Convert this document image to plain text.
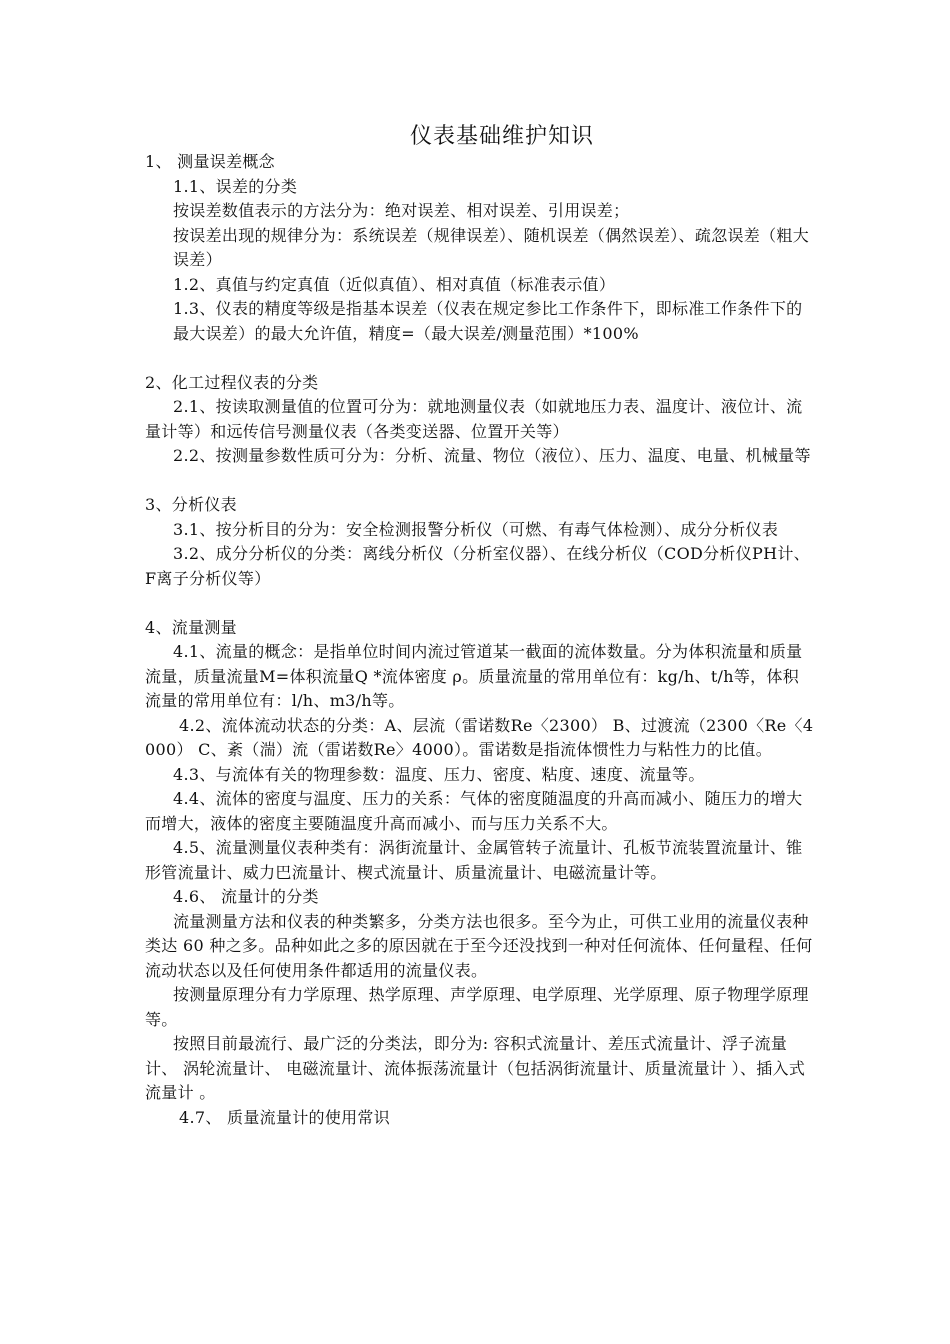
仪表基础维护知识

1、 测量误差概念

1.1、误差的分类

按误差数值表示的方法分为：绝对误差、相对误差、引用误差；

按误差出现的规律分为：系统误差（规律误差）、随机误差（偶然误差）、疏忽误差（粗大误差）

1.2、真值与约定真值（近似真值）、相对真值（标准表示值）

1.3、仪表的精度等级是指基本误差（仪表在规定参比工作条件下，即标准工作条件下的最大误差）的最大允许值，精度=（最大误差/测量范围）*100%

2、化工过程仪表的分类

2.1、按读取测量值的位置可分为：就地测量仪表（如就地压力表、温度计、液位计、流量计等）和远传信号测量仪表（各类变送器、位置开关等）

2.2、按测量参数性质可分为：分析、流量、物位（液位）、压力、温度、电量、机械量等

3、分析仪表

3.1、按分析目的分为：安全检测报警分析仪（可燃、有毒气体检测）、成分分析仪表

3.2、成分分析仪的分类：离线分析仪（分析室仪器）、在线分析仪（COD分析仪PH计、F离子分析仪等）

4、流量测量

4.1、流量的概念：是指单位时间内流过管道某一截面的流体数量。分为体积流量和质量流量，质量流量M=体积流量Q *流体密度 ρ。质量流量的常用单位有：kg/h、t/h等，体积流量的常用单位有：l/h、m3/h等。

4.2、流体流动状态的分类：A、层流（雷诺数Re〈2300） B、过渡流（2300〈Re〈4000） C、紊（湍）流（雷诺数Re〉4000）。雷诺数是指流体惯性力与粘性力的比值。

4.3、与流体有关的物理参数：温度、压力、密度、粘度、速度、流量等。

4.4、流体的密度与温度、压力的关系：气体的密度随温度的升高而减小、随压力的增大而增大，液体的密度主要随温度升高而减小、而与压力关系不大。

4.5、流量测量仪表种类有：涡街流量计、金属管转子流量计、孔板节流装置流量计、锥形管流量计、威力巴流量计、楔式流量计、质量流量计、电磁流量计等。

4.6、 流量计的分类

流量测量方法和仪表的种类繁多，分类方法也很多。至今为止，可供工业用的流量仪表种类达 60 种之多。品种如此之多的原因就在于至今还没找到一种对任何流体、任何量程、任何流动状态以及任何使用条件都适用的流量仪表。

按测量原理分有力学原理、热学原理、声学原理、电学原理、光学原理、原子物理学原理等。

按照目前最流行、最广泛的分类法，即分为: 容积式流量计、差压式流量计、浮子流量计、 涡轮流量计、 电磁流量计、流体振荡流量计（包括涡街流量计、质量流量计 ）、插入式流量计 。

4.7、 质量流量计的使用常识
